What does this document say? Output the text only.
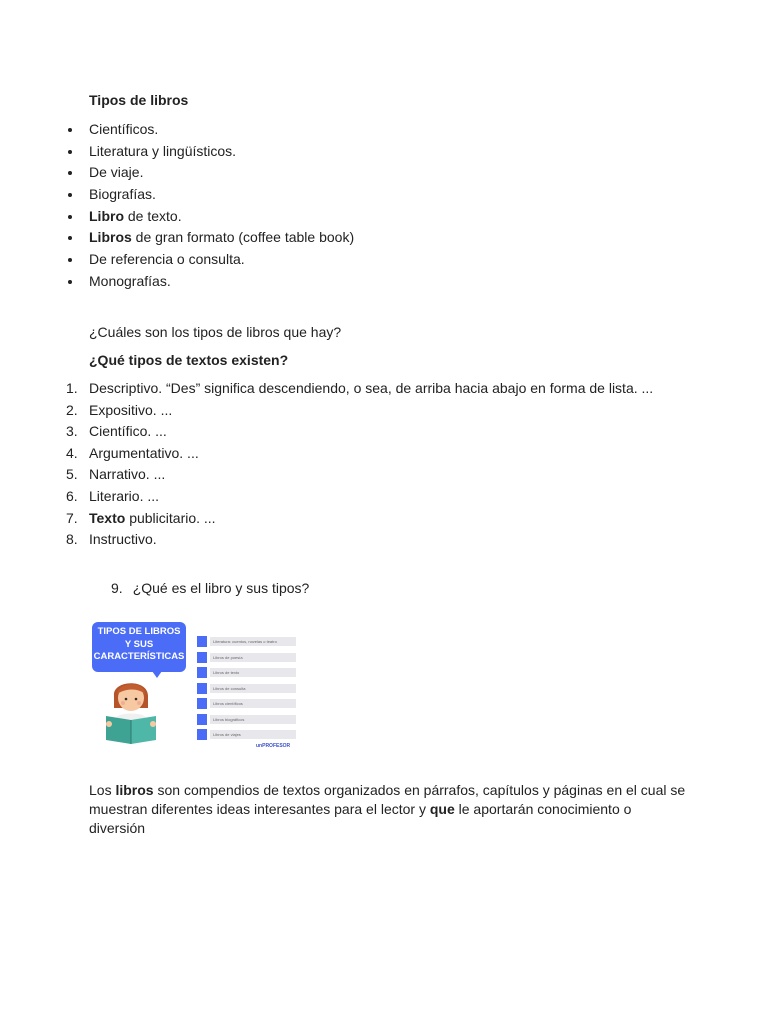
Tipos de libros
Científicos.
Literatura y lingüísticos.
De viaje.
Biografías.
Libro de texto.
Libros de gran formato (coffee table book)
De referencia o consulta.
Monografías.
¿Cuáles son los tipos de libros que hay?
¿Qué tipos de textos existen?
1. Descriptivo. “Des” significa descendiendo, o sea, de arriba hacia abajo en forma de lista. ...
2. Expositivo. ...
3. Científico. ...
4. Argumentativo. ...
5. Narrativo. ...
6. Literario. ...
7. Texto publicitario. ...
8. Instructivo.
9. ¿Qué es el libro y sus tipos?
TIPOS DE LIBROS
Y SUS
CARACTERÍSTICAS
Literatura: cuentos, novelas o teatro
Libros de poesía
Libros de texto
Libros de consulta
Libros científicos
Libros biográficos
Libros de viajes
unPROFESOR
Los libros son compendios de textos organizados en párrafos, capítulos y páginas en el cual se muestran diferentes ideas interesantes para el lector y que le aportarán conocimiento o diversión
